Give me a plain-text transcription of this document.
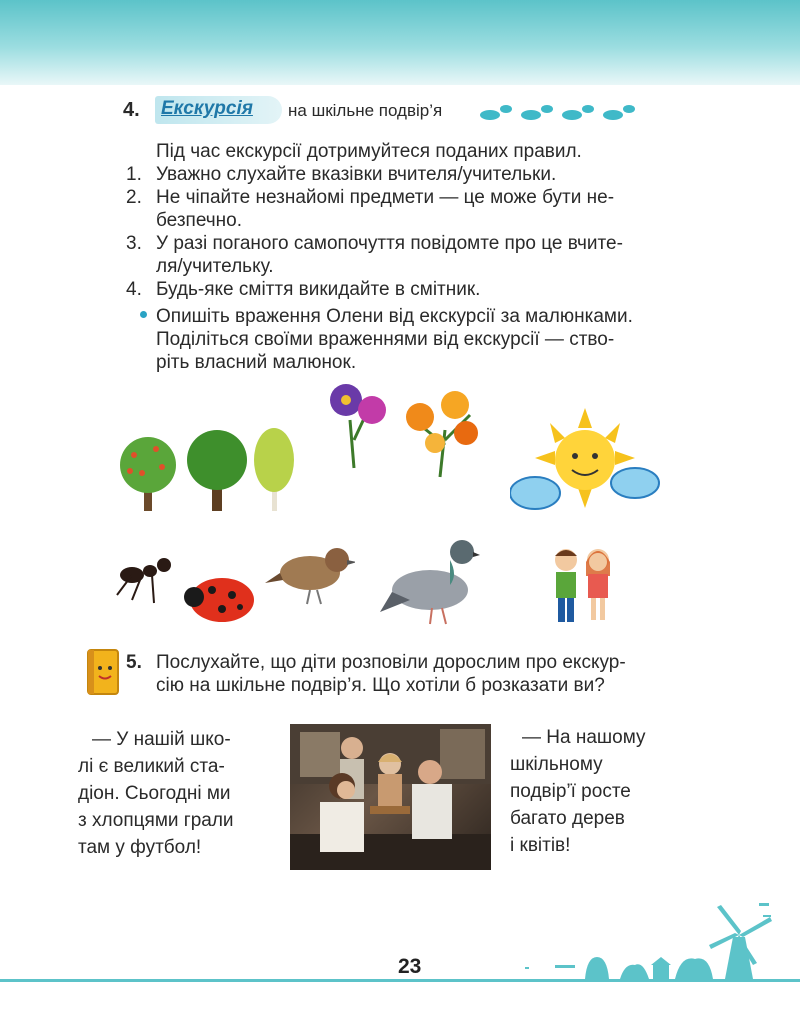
4. Екскурсія на шкільне подвір’я
Під час екскурсії дотримуйтеся поданих правил.
1. Уважно слухайте вказівки вчителя/учительки.
2. Не чіпайте незнайомі предмети — це може бути не-
безпечно.
3. У разі поганого самопочуття повідомте про це вчите-
ля/учительку.
4. Будь-яке сміття викидайте в смітник.
Опишіть враження Олени від екскурсії за малюнками.
Поділіться своїми враженнями від екскурсії — ство-
ріть власний малюнок.
5. Послухайте, що діти розповіли дорослим про екскур-
сію на шкільне подвір’я. Що хотіли б розказати ви?
— У нашій шко-
лі є великий ста-
діон. Сьогодні ми
з хлопцями грали
там у футбол!
— На нашому
шкільному
подвір’ї росте
багато дерев
і квітів!
23
